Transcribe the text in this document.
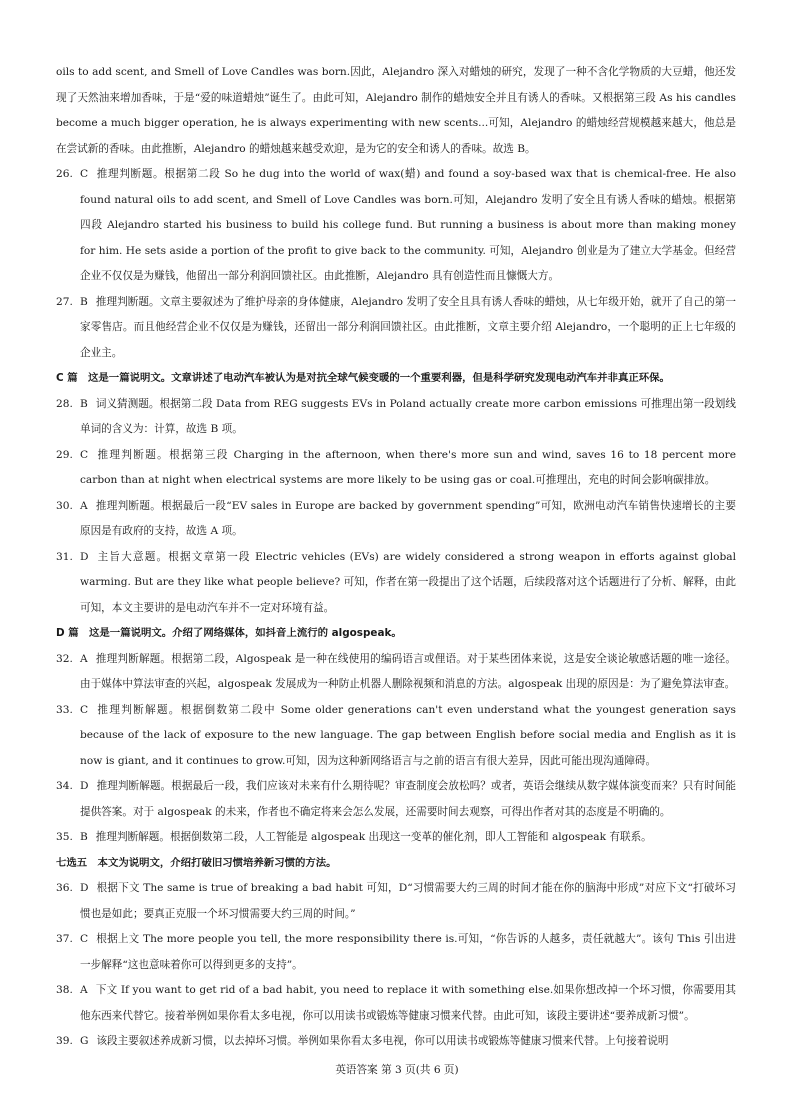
oils to add scent, and Smell of Love Candles was born.因此，Alejandro 深入对蜡烛的研究，发现了一种不含化学物质的大豆蜡，他还发现了天然油来增加香味，于是“爱的味道蜡烛”诞生了。由此可知，Alejandro 制作的蜡烛安全并且有诱人的香味。又根据第三段 As his candles become a much bigger operation, he is always experimenting with new scents...可知，Alejandro 的蜡烛经营规模越来越大，他总是在尝试新的香味。由此推断，Alejandro 的蜡烛越来越受欢迎，是为它的安全和诱人的香味。故选 B。

26. C 推理判断题。根据第二段 So he dug into the world of wax(蜡) and found a soy-based wax that is chemical-free. He also found natural oils to add scent, and Smell of Love Candles was born.可知，Alejandro 发明了安全且有诱人香味的蜡烛。根据第四段 Alejandro started his business to build his college fund. But running a business is about more than making money for him. He sets aside a portion of the profit to give back to the community. 可知，Alejandro 创业是为了建立大学基金。但经营企业不仅仅是为赚钱，他留出一部分利润回馈社区。由此推断，Alejandro 具有创造性而且慷慨大方。
27. B 推理判断题。文章主要叙述为了维护母亲的身体健康，Alejandro 发明了安全且具有诱人香味的蜡烛，从七年级开始，就开了自己的第一家零售店。而且他经营企业不仅仅是为赚钱，还留出一部分利润回馈社区。由此推断，文章主要介绍 Alejandro，一个聪明的正上七年级的企业主。

C 篇　这是一篇说明文。文章讲述了电动汽车被认为是对抗全球气候变暖的一个重要利器，但是科学研究发现电动汽车并非真正环保。

28. B 词义猜测题。根据第二段 Data from REG suggests EVs in Poland actually create more carbon emissions 可推理出第一段划线单词的含义为：计算，故选 B 项。
29. C 推理判断题。根据第三段 Charging in the afternoon, when there's more sun and wind, saves 16 to 18 percent more carbon than at night when electrical systems are more likely to be using gas or coal.可推理出，充电的时间会影响碳排放。
30. A 推理判断题。根据最后一段“EV sales in Europe are backed by government spending”可知，欧洲电动汽车销售快速增长的主要原因是有政府的支持，故选 A 项。
31. D 主旨大意题。根据文章第一段 Electric vehicles (EVs) are widely considered a strong weapon in efforts against global warming. But are they like what people believe? 可知，作者在第一段提出了这个话题，后续段落对这个话题进行了分析、解释，由此可知，本文主要讲的是电动汽车并不一定对环境有益。

D 篇　这是一篇说明文。介绍了网络媒体，如抖音上流行的 algospeak。

32. A 推理判断解题。根据第二段，Algospeak 是一种在线使用的编码语言或俚语。对于某些团体来说，这是安全谈论敏感话题的唯一途径。由于媒体中算法审查的兴起，algospeak 发展成为一种防止机器人删除视频和消息的方法。algospeak 出现的原因是：为了避免算法审查。
33. C 推理判断解题。根据倒数第二段中 Some older generations can't even understand what the youngest generation says because of the lack of exposure to the new language. The gap between English before social media and English as it is now is giant, and it continues to grow.可知，因为这种新网络语言与之前的语言有很大差异，因此可能出现沟通障碍。
34. D 推理判断解题。根据最后一段，我们应该对未来有什么期待呢？审查制度会放松吗？或者，英语会继续从数字媒体演变而来？只有时间能提供答案。对于 algospeak 的未来，作者也不确定将来会怎么发展，还需要时间去观察，可得出作者对其的态度是不明确的。
35. B 推理判断解题。根据倒数第二段，人工智能是 algospeak 出现这一变革的催化剂，即人工智能和 algospeak 有联系。

七选五　本文为说明文，介绍打破旧习惯培养新习惯的方法。

36. D 根据下文 The same is true of breaking a bad habit 可知，D“习惯需要大约三周的时间才能在你的脑海中形成”对应下文“打破坏习惯也是如此；要真正克服一个坏习惯需要大约三周的时间。”
37. C 根据上文 The more people you tell, the more responsibility there is.可知，“你告诉的人越多，责任就越大”。该句 This 引出进一步解释“这也意味着你可以得到更多的支持”。
38. A 下文 If you want to get rid of a bad habit, you need to replace it with something else.如果你想改掉一个坏习惯，你需要用其他东西来代替它。接着举例如果你看太多电视，你可以用读书或锻炼等健康习惯来代替。由此可知，该段主要讲述“要养成新习惯”。
39. G 该段主要叙述养成新习惯，以去掉坏习惯。举例如果你看太多电视，你可以用读书或锻炼等健康习惯来代替。上句接着说明
英语答案 第 3 页(共 6 页)
